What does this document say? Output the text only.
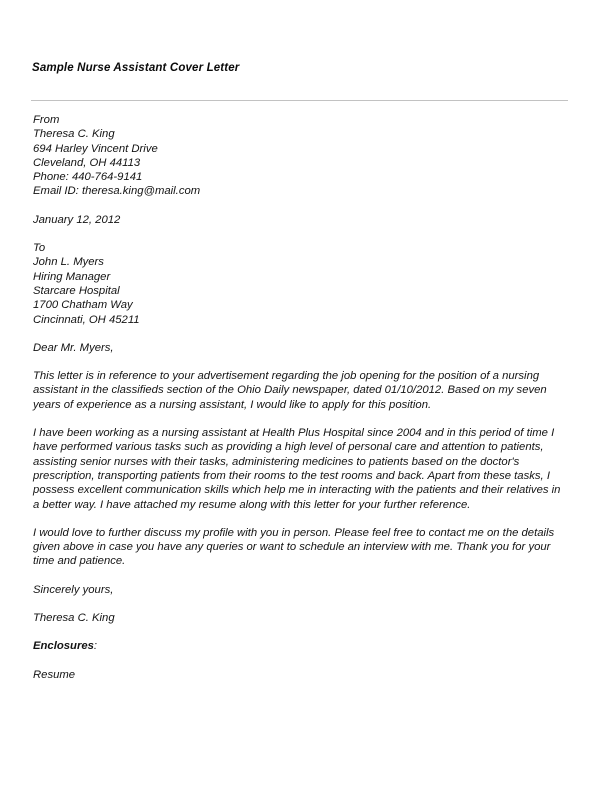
Sample Nurse Assistant Cover Letter
From
Theresa C. King
694 Harley Vincent Drive
Cleveland, OH 44113
Phone: 440-764-9141
Email ID: theresa.king@mail.com
January 12, 2012
To
John L. Myers
Hiring Manager
Starcare Hospital
1700 Chatham Way
Cincinnati, OH 45211
Dear Mr. Myers,

This letter is in reference to your advertisement regarding the job opening for the position of a nursing assistant in the classifieds section of the Ohio Daily newspaper, dated 01/10/2012. Based on my seven years of experience as a nursing assistant, I would like to apply for this position.

I have been working as a nursing assistant at Health Plus Hospital since 2004 and in this period of time I have performed various tasks such as providing a high level of personal care and attention to patients, assisting senior nurses with their tasks, administering medicines to patients based on the doctor's prescription, transporting patients from their rooms to the test rooms and back. Apart from these tasks, I possess excellent communication skills which help me in interacting with the patients and their relatives in a better way. I have attached my resume along with this letter for your further reference.

I would love to further discuss my profile with you in person. Please feel free to contact me on the details given above in case you have any queries or want to schedule an interview with me. Thank you for your time and patience.

Sincerely yours,
Theresa C. King
Enclosures:
Resume
